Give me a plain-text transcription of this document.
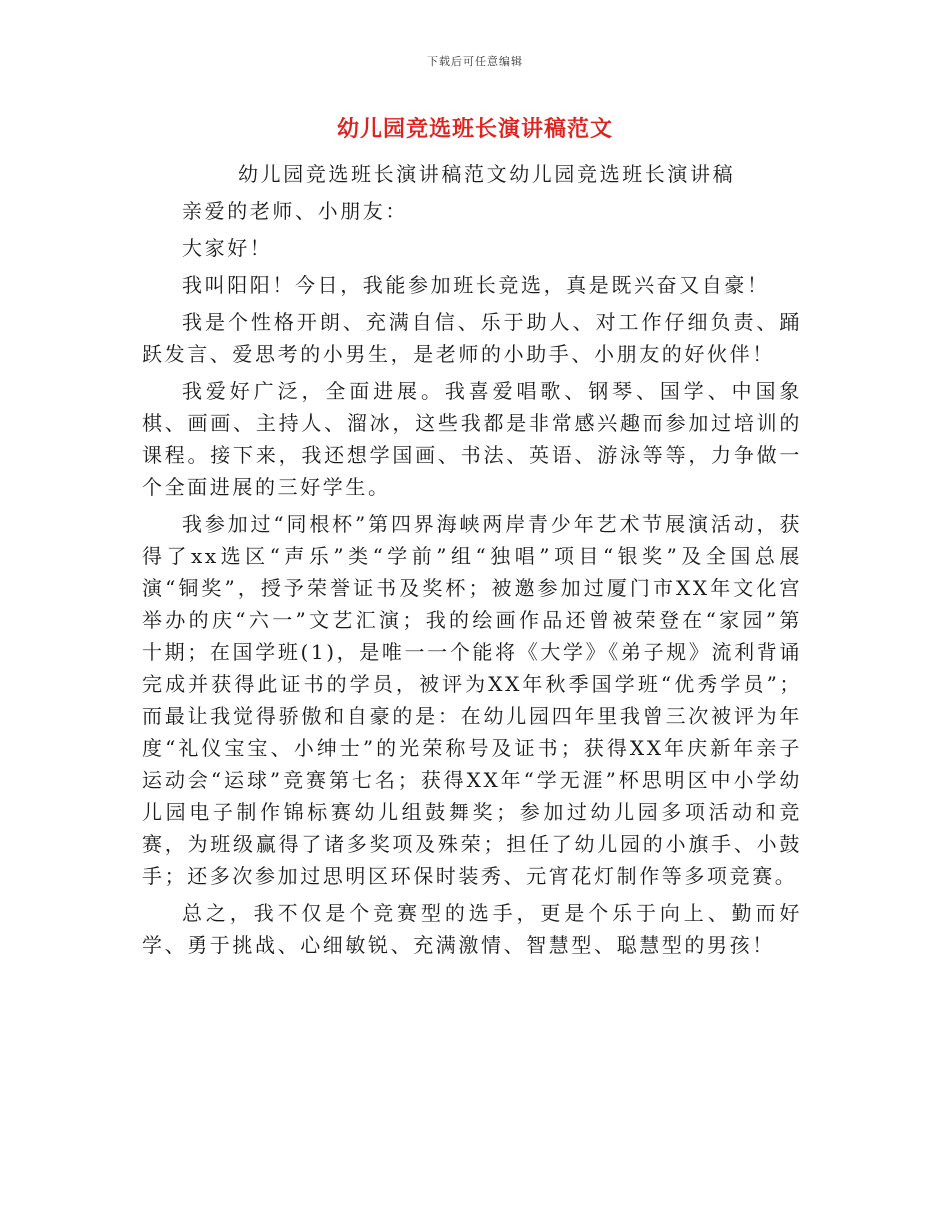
下载后可任意编辑
幼儿园竞选班长演讲稿范文

幼儿园竞选班长演讲稿范文幼儿园竞选班长演讲稿

亲爱的老师、小朋友：

大家好！

我叫阳阳！今日，我能参加班长竞选，真是既兴奋又自豪！

我是个性格开朗、充满自信、乐于助人、对工作仔细负责、踊跃发言、爱思考的小男生，是老师的小助手、小朋友的好伙伴！

我爱好广泛，全面进展。我喜爱唱歌、钢琴、国学、中国象棋、画画、主持人、溜冰，这些我都是非常感兴趣而参加过培训的课程。接下来，我还想学国画、书法、英语、游泳等等，力争做一个全面进展的三好学生。

我参加过“同根杯”第四界海峡两岸青少年艺术节展演活动，获得了xx选区“声乐”类“学前”组“独唱”项目“银奖”及全国总展演“铜奖”，授予荣誉证书及奖杯；被邀参加过厦门市XX年文化宫举办的庆“六一”文艺汇演；我的绘画作品还曾被荣登在“家园”第十期；在国学班(1)，是唯一一个能将《大学》《弟子规》流利背诵完成并获得此证书的学员，被评为XX年秋季国学班“优秀学员”；而最让我觉得骄傲和自豪的是：在幼儿园四年里我曾三次被评为年度“礼仪宝宝、小绅士”的光荣称号及证书；获得XX年庆新年亲子运动会“运球”竞赛第七名；获得XX年“学无涯”杯思明区中小学幼儿园电子制作锦标赛幼儿组鼓舞奖；参加过幼儿园多项活动和竞赛，为班级赢得了诸多奖项及殊荣；担任了幼儿园的小旗手、小鼓手；还多次参加过思明区环保时装秀、元宵花灯制作等多项竞赛。

总之，我不仅是个竞赛型的选手，更是个乐于向上、勤而好学、勇于挑战、心细敏锐、充满激情、智慧型、聪慧型的男孩！
